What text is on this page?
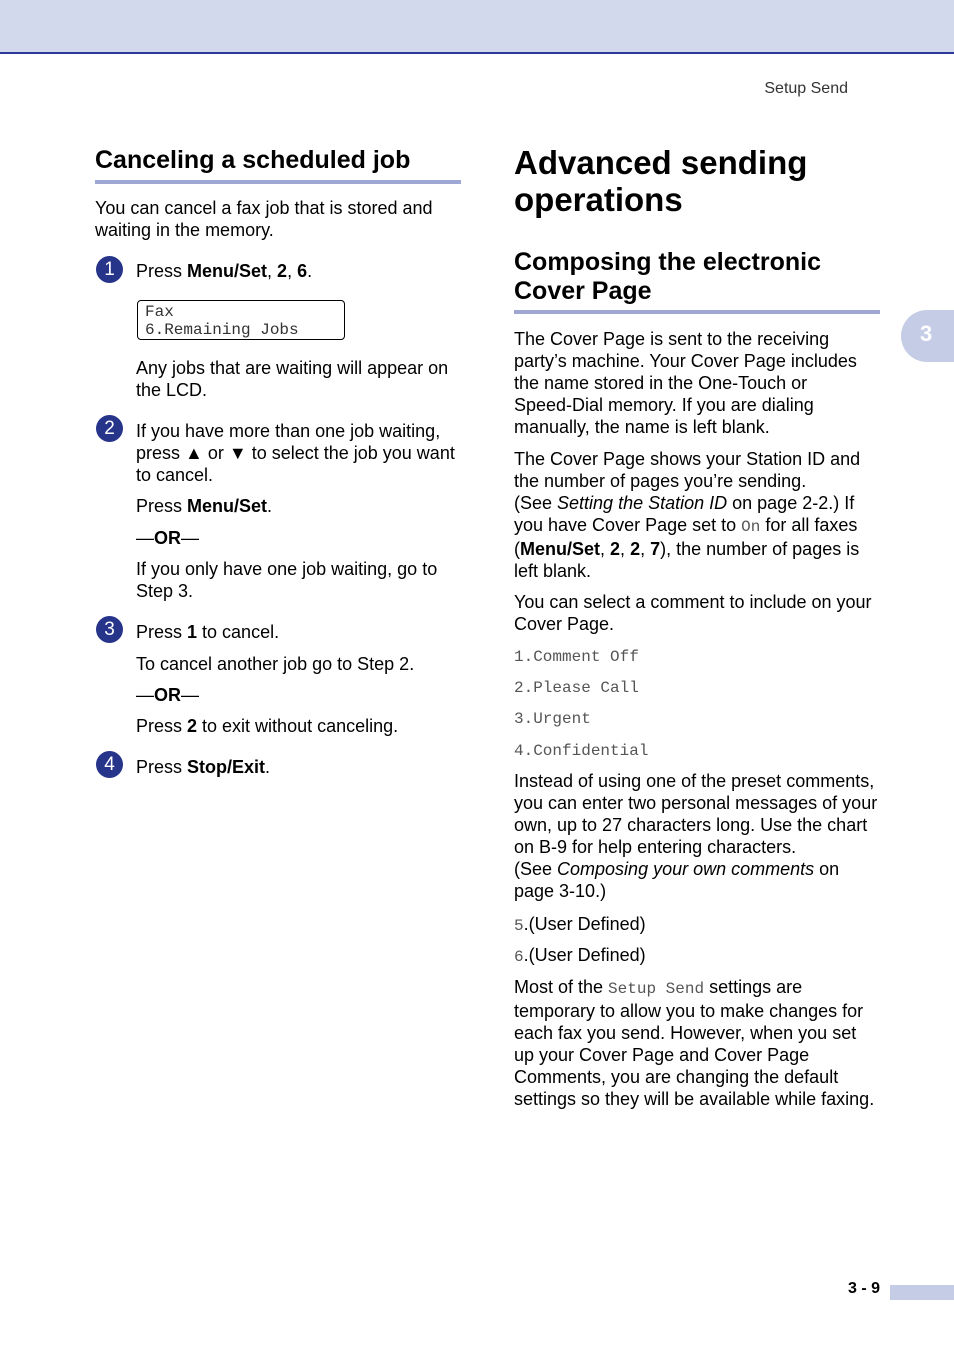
Setup Send
3
Canceling a scheduled job

You can cancel a fax job that is stored and
waiting in the memory.

1	Press Menu/Set, 2, 6.

Fax
6.Remaining Jobs

Any jobs that are waiting will appear on
the LCD.

2	If you have more than one job waiting,
press ▲ or ▼ to select the job you want
to cancel.

Press Menu/Set.

—OR—

If you only have one job waiting, go to
Step 3.

3	Press 1 to cancel.

To cancel another job go to Step 2.

—OR—

Press 2 to exit without canceling.

4	Press Stop/Exit.

Advanced sending
operations
Composing the electronic
Cover Page

The Cover Page is sent to the receiving
party’s machine. Your Cover Page includes
the name stored in the One-Touch or
Speed-Dial memory. If you are dialing
manually, the name is left blank.

The Cover Page shows your Station ID and
the number of pages you’re sending.
(See Setting the Station ID on page 2-2.) If
you have Cover Page set to On for all faxes
(Menu/Set, 2, 2, 7), the number of pages is
left blank.

You can select a comment to include on your
Cover Page.

1.Comment Off

2.Please Call

3.Urgent

4.Confidential

Instead of using one of the preset comments,
you can enter two personal messages of your
own, up to 27 characters long. Use the chart
on B-9 for help entering characters.
(See Composing your own comments on
page 3-10.)

5.(User Defined)

6.(User Defined)

Most of the Setup Send settings are
temporary to allow you to make changes for
each fax you send. However, when you set
up your Cover Page and Cover Page
Comments, you are changing the default
settings so they will be available while faxing.

3 - 9
